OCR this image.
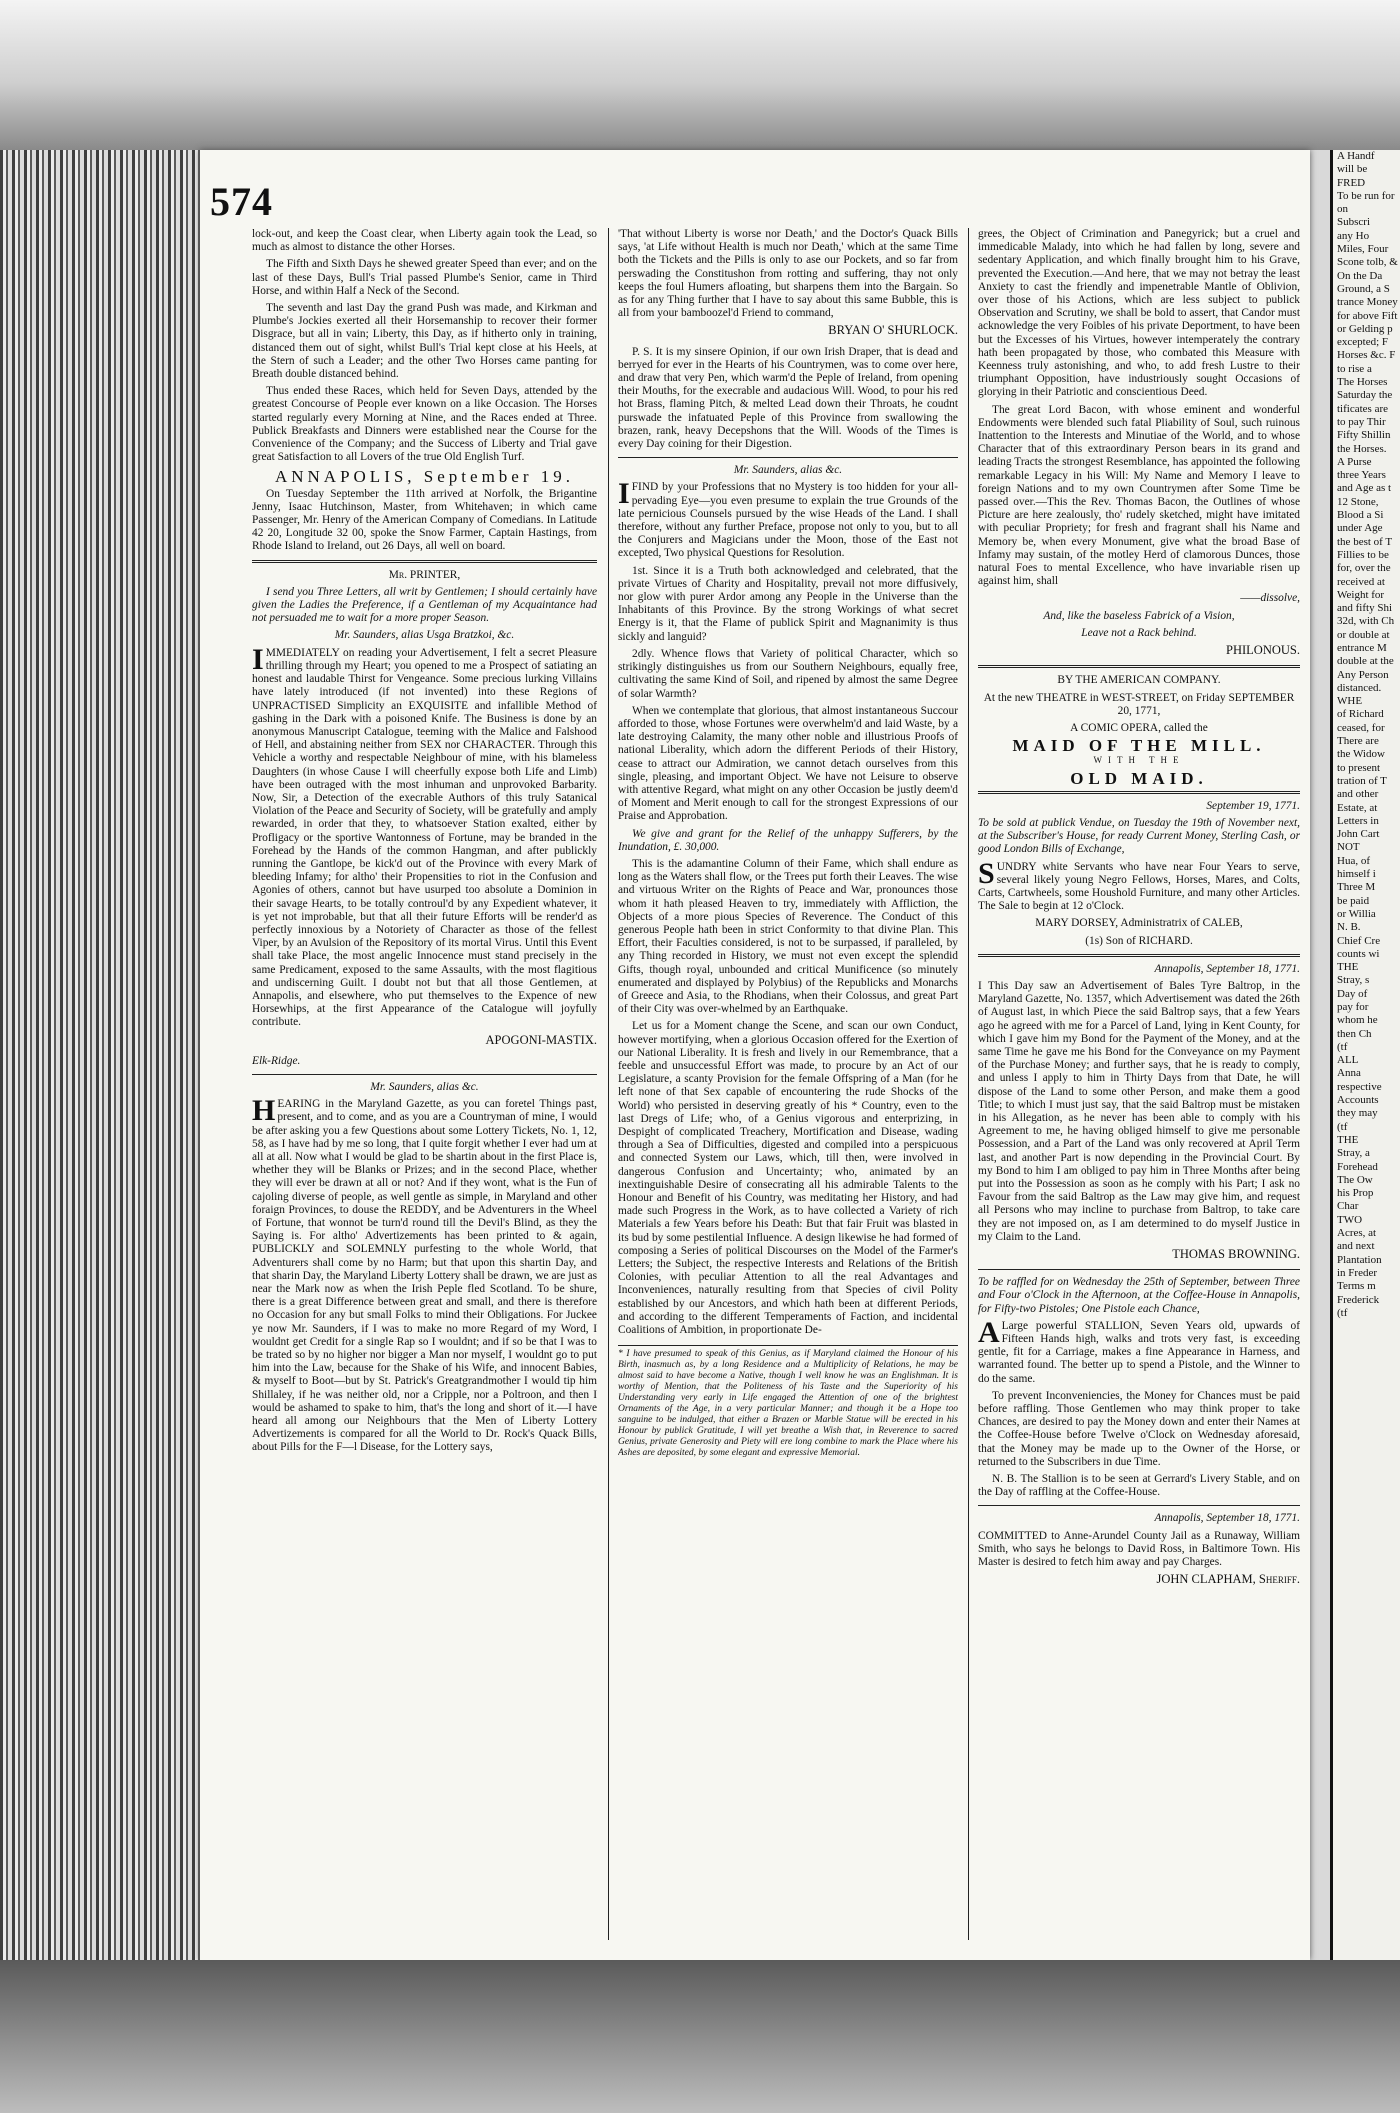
574

lock-out, and keep the Coast clear, when Liberty again took the Lead, so much as almost to distance the other Horses.

The Fifth and Sixth Days he shewed greater Speed than ever; and on the last of these Days, Bull's Trial passed Plumbe's Senior, came in Third Horse, and within Half a Neck of the Second.

The seventh and last Day the grand Push was made, and Kirkman and Plumbe's Jockies exerted all their Horsemanship to recover their former Disgrace, but all in vain; Liberty, this Day, as if hitherto only in training, distanced them out of sight, whilst Bull's Trial kept close at his Heels, at the Stern of such a Leader; and the other Two Horses came panting for Breath double distanced behind.

Thus ended these Races, which held for Seven Days, attended by the greatest Concourse of People ever known on a like Occasion. The Horses started regularly every Morning at Nine, and the Races ended at Three. Publick Breakfasts and Dinners were established near the Course for the Convenience of the Company; and the Success of Liberty and Trial gave great Satisfaction to all Lovers of the true Old English Turf.

ANNAPOLIS, September 19.

On Tuesday September the 11th arrived at Norfolk, the Brigantine Jenny, Isaac Hutchinson, Master, from Whitehaven; in which came Passenger, Mr. Henry of the American Company of Comedians. In Latitude 42 20, Longitude 32 00, spoke the Snow Farmer, Captain Hastings, from Rhode Island to Ireland, out 26 Days, all well on board.

Mr. PRINTER,

I send you Three Letters, all writ by Gentlemen; I should certainly have given the Ladies the Preference, if a Gentleman of my Acquaintance had not persuaded me to wait for a more proper Season.

Mr. Saunders, alias Usga Bratzkoi, &c.

IMMEDIATELY on reading your Advertisement, I felt a secret Pleasure thrilling through my Heart; you opened to me a Prospect of satiating an honest and laudable Thirst for Vengeance. Some precious lurking Villains have lately introduced (if not invented) into these Regions of UNPRACTISED Simplicity an EXQUISITE and infallible Method of gashing in the Dark with a poisoned Knife. The Business is done by an anonymous Manuscript Catalogue, teeming with the Malice and Falshood of Hell, and abstaining neither from SEX nor CHARACTER. Through this Vehicle a worthy and respectable Neighbour of mine, with his blameless Daughters (in whose Cause I will cheerfully expose both Life and Limb) have been outraged with the most inhuman and unprovoked Barbarity. Now, Sir, a Detection of the execrable Authors of this truly Satanical Violation of the Peace and Security of Society, will be gratefully and amply rewarded, in order that they, to whatsoever Station exalted, either by Profligacy or the sportive Wantonness of Fortune, may be branded in the Forehead by the Hands of the common Hangman, and after publickly running the Gantlope, be kick'd out of the Province with every Mark of bleeding Infamy; for altho' their Propensities to riot in the Confusion and Agonies of others, cannot but have usurped too absolute a Dominion in their savage Hearts, to be totally controul'd by any Expedient whatever, it is yet not improbable, but that all their future Efforts will be render'd as perfectly innoxious by a Notoriety of Character as those of the fellest Viper, by an Avulsion of the Repository of its mortal Virus. Until this Event shall take Place, the most angelic Innocence must stand precisely in the same Predicament, exposed to the same Assaults, with the most flagitious and undiscerning Guilt. I doubt not but that all those Gentlemen, at Annapolis, and elsewhere, who put themselves to the Expence of new Horsewhips, at the first Appearance of the Catalogue will joyfully contribute.

APOGONI-MASTIX.

Elk-Ridge.

Mr. Saunders, alias &c.

HEARING in the Maryland Gazette, as you can foretel Things past, present, and to come, and as you are a Countryman of mine, I would be after asking you a few Questions about some Lottery Tickets, No. 1, 12, 58, as I have had by me so long, that I quite forgit whether I ever had um at all at all. Now what I would be glad to be shartin about in the first Place is, whether they will be Blanks or Prizes; and in the second Place, whether they will ever be drawn at all or not? And if they wont, what is the Fun of cajoling diverse of people, as well gentle as simple, in Maryland and other foraign Provinces, to douse the REDDY, and be Adventurers in the Wheel of Fortune, that wonnot be turn'd round till the Devil's Blind, as they the Saying is. For altho' Advertizements has been printed to & again, PUBLICKLY and SOLEMNLY purfesting to the whole World, that Adventurers shall come by no Harm; but that upon this shartin Day, and that sharin Day, the Maryland Liberty Lottery shall be drawn, we are just as near the Mark now as when the Irish Peple fled Scotland. To be shure, there is a great Difference between great and small, and there is therefore no Occasion for any but small Folks to mind their Obligations. For Juckee ye now Mr. Saunders, if I was to make no more Regard of my Word, I wouldnt get Credit for a single Rap so I wouldnt; and if so be that I was to be trated so by no higher nor bigger a Man nor myself, I wouldnt go to put him into the Law, because for the Shake of his Wife, and innocent Babies, & myself to Boot—but by St. Patrick's Greatgrandmother I would tip him Shillaley, if he was neither old, nor a Cripple, nor a Poltroon, and then I would be ashamed to spake to him, that's the long and short of it.—I have heard all among our Neighbours that the Men of Liberty Lottery Advertizements is compared for all the World to Dr. Rock's Quack Bills, about Pills for the F—l Disease, for the Lottery says,

'That without Liberty is worse nor Death,' and the Doctor's Quack Bills says, 'at Life without Health is much nor Death,' which at the same Time both the Tickets and the Pills is only to ase our Pockets, and so far from perswading the Constitushon from rotting and suffering, thay not only keeps the foul Humers afloating, but sharpens them into the Bargain. So as for any Thing further that I have to say about this same Bubble, this is all from your bamboozel'd Friend to command,

BRYAN O' SHURLOCK.

P. S. It is my sinsere Opinion, if our own Irish Draper, that is dead and berryed for ever in the Hearts of his Countrymen, was to come over here, and draw that very Pen, which warm'd the Peple of Ireland, from opening their Mouths, for the execrable and audacious Will. Wood, to pour his red hot Brass, flaming Pitch, & melted Lead down their Throats, he coudnt purswade the infatuated Peple of this Province from swallowing the brazen, rank, heavy Decepshons that the Will. Woods of the Times is every Day coining for their Digestion.

Mr. Saunders, alias &c.

IFIND by your Professions that no Mystery is too hidden for your all-pervading Eye—you even presume to explain the true Grounds of the late pernicious Counsels pursued by the wise Heads of the Land. I shall therefore, without any further Preface, propose not only to you, but to all the Conjurers and Magicians under the Moon, those of the East not excepted, Two physical Questions for Resolution.

1st. Since it is a Truth both acknowledged and celebrated, that the private Virtues of Charity and Hospitality, prevail not more diffusively, nor glow with purer Ardor among any People in the Universe than the Inhabitants of this Province. By the strong Workings of what secret Energy is it, that the Flame of publick Spirit and Magnanimity is thus sickly and languid?

2dly. Whence flows that Variety of political Character, which so strikingly distinguishes us from our Southern Neighbours, equally free, cultivating the same Kind of Soil, and ripened by almost the same Degree of solar Warmth?

When we contemplate that glorious, that almost instantaneous Succour afforded to those, whose Fortunes were overwhelm'd and laid Waste, by a late destroying Calamity, the many other noble and illustrious Proofs of national Liberality, which adorn the different Periods of their History, cease to attract our Admiration, we cannot detach ourselves from this single, pleasing, and important Object. We have not Leisure to observe with attentive Regard, what might on any other Occasion be justly deem'd of Moment and Merit enough to call for the strongest Expressions of our Praise and Approbation.

We give and grant for the Relief of the unhappy Sufferers, by the Inundation, £. 30,000.

This is the adamantine Column of their Fame, which shall endure as long as the Waters shall flow, or the Trees put forth their Leaves. The wise and virtuous Writer on the Rights of Peace and War, pronounces those whom it hath pleased Heaven to try, immediately with Affliction, the Objects of a more pious Species of Reverence. The Conduct of this generous People hath been in strict Conformity to that divine Plan. This Effort, their Faculties considered, is not to be surpassed, if paralleled, by any Thing recorded in History, we must not even except the splendid Gifts, though royal, unbounded and critical Munificence (so minutely enumerated and displayed by Polybius) of the Republicks and Monarchs of Greece and Asia, to the Rhodians, when their Colossus, and great Part of their City was over-whelmed by an Earthquake.

Let us for a Moment change the Scene, and scan our own Conduct, however mortifying, when a glorious Occasion offered for the Exertion of our National Liberality. It is fresh and lively in our Remembrance, that a feeble and unsuccessful Effort was made, to procure by an Act of our Legislature, a scanty Provision for the female Offspring of a Man (for he left none of that Sex capable of encountering the rude Shocks of the World) who persisted in deserving greatly of his * Country, even to the last Dregs of Life; who, of a Genius vigorous and enterprizing, in Despight of complicated Treachery, Mortification and Disease, wading through a Sea of Difficulties, digested and compiled into a perspicuous and connected System our Laws, which, till then, were involved in dangerous Confusion and Uncertainty; who, animated by an inextinguishable Desire of consecrating all his admirable Talents to the Honour and Benefit of his Country, was meditating her History, and had made such Progress in the Work, as to have collected a Variety of rich Materials a few Years before his Death: But that fair Fruit was blasted in its bud by some pestilential Influence. A design likewise he had formed of composing a Series of political Discourses on the Model of the Farmer's Letters; the Subject, the respective Interests and Relations of the British Colonies, with peculiar Attention to all the real Advantages and Inconveniences, naturally resulting from that Species of civil Polity established by our Ancestors, and which hath been at different Periods, and according to the different Temperaments of Faction, and incidental Coalitions of Ambition, in proportionate De-

* I have presumed to speak of this Genius, as if Maryland claimed the Honour of his Birth, inasmuch as, by a long Residence and a Multiplicity of Relations, he may be almost said to have become a Native, though I well know he was an Englishman. It is worthy of Mention, that the Politeness of his Taste and the Superiority of his Understanding very early in Life engaged the Attention of one of the brightest Ornaments of the Age, in a very particular Manner; and though it be a Hope too sanguine to be indulged, that either a Brazen or Marble Statue will be erected in his Honour by publick Gratitude, I will yet breathe a Wish that, in Reverence to sacred Genius, private Generosity and Piety will ere long combine to mark the Place where his Ashes are deposited, by some elegant and expressive Memorial.

grees, the Object of Crimination and Panegyrick; but a cruel and immedicable Malady, into which he had fallen by long, severe and sedentary Application, and which finally brought him to his Grave, prevented the Execution.—And here, that we may not betray the least Anxiety to cast the friendly and impenetrable Mantle of Oblivion, over those of his Actions, which are less subject to publick Observation and Scrutiny, we shall be bold to assert, that Candor must acknowledge the very Foibles of his private Deportment, to have been but the Excesses of his Virtues, however intemperately the contrary hath been propagated by those, who combated this Measure with Keenness truly astonishing, and who, to add fresh Lustre to their triumphant Opposition, have industriously sought Occasions of glorying in their Patriotic and conscientious Deed.

The great Lord Bacon, with whose eminent and wonderful Endowments were blended such fatal Pliability of Soul, such ruinous Inattention to the Interests and Minutiae of the World, and to whose Character that of this extraordinary Person bears in its grand and leading Tracts the strongest Resemblance, has appointed the following remarkable Legacy in his Will: My Name and Memory I leave to foreign Nations and to my own Countrymen after Some Time be passed over.—This the Rev. Thomas Bacon, the Outlines of whose Picture are here zealously, tho' rudely sketched, might have imitated with peculiar Propriety; for fresh and fragrant shall his Name and Memory be, when every Monument, give what the broad Base of Infamy may sustain, of the motley Herd of clamorous Dunces, those natural Foes to mental Excellence, who have invariable risen up against him, shall

——dissolve,

And, like the baseless Fabrick of a Vision,

Leave not a Rack behind.

PHILONOUS.

BY THE AMERICAN COMPANY.

At the new THEATRE in WEST-STREET, on Friday SEPTEMBER 20, 1771,

A COMIC OPERA, called the

MAID OF THE MILL.

WITH THE

OLD MAID.

September 19, 1771.

To be sold at publick Vendue, on Tuesday the 19th of November next, at the Subscriber's House, for ready Current Money, Sterling Cash, or good London Bills of Exchange,

SUNDRY white Servants who have near Four Years to serve, several likely young Negro Fellows, Horses, Mares, and Colts, Carts, Cartwheels, some Houshold Furniture, and many other Articles. The Sale to begin at 12 o'Clock.

MARY DORSEY, Administratrix of CALEB,

(1s) Son of RICHARD.

Annapolis, September 18, 1771.

I This Day saw an Advertisement of Bales Tyre Baltrop, in the Maryland Gazette, No. 1357, which Advertisement was dated the 26th of August last, in which Piece the said Baltrop says, that a few Years ago he agreed with me for a Parcel of Land, lying in Kent County, for which I gave him my Bond for the Payment of the Money, and at the same Time he gave me his Bond for the Conveyance on my Payment of the Purchase Money; and further says, that he is ready to comply, and unless I apply to him in Thirty Days from that Date, he will dispose of the Land to some other Person, and make them a good Title; to which I must just say, that the said Baltrop must be mistaken in his Allegation, as he never has been able to comply with his Agreement to me, he having obliged himself to give me personable Possession, and a Part of the Land was only recovered at April Term last, and another Part is now depending in the Provincial Court. By my Bond to him I am obliged to pay him in Three Months after being put into the Possession as soon as he comply with his Part; I ask no Favour from the said Baltrop as the Law may give him, and request all Persons who may incline to purchase from Baltrop, to take care they are not imposed on, as I am determined to do myself Justice in my Claim to the Land.

THOMAS BROWNING.

To be raffled for on Wednesday the 25th of September, between Three and Four o'Clock in the Afternoon, at the Coffee-House in Annapolis, for Fifty-two Pistoles; One Pistole each Chance,

ALarge powerful STALLION, Seven Years old, upwards of Fifteen Hands high, walks and trots very fast, is exceeding gentle, fit for a Carriage, makes a fine Appearance in Harness, and warranted found. The better up to spend a Pistole, and the Winner to do the same.

To prevent Inconveniencies, the Money for Chances must be paid before raffling. Those Gentlemen who may think proper to take Chances, are desired to pay the Money down and enter their Names at the Coffee-House before Twelve o'Clock on Wednesday aforesaid, that the Money may be made up to the Owner of the Horse, or returned to the Subscribers in due Time.

N. B. The Stallion is to be seen at Gerrard's Livery Stable, and on the Day of raffling at the Coffee-House.

Annapolis, September 18, 1771.

COMMITTED to Anne-Arundel County Jail as a Runaway, William Smith, who says he belongs to David Ross, in Baltimore Town. His Master is desired to fetch him away and pay Charges.

JOHN CLAPHAM, Sheriff.
A Handf
will be
FRED
To be run for
on
Subscri
any Ho
Miles, Four
Scone tolb, &
On the Da
Ground, a S
trance Money
for above Fift
or Gelding p
excepted; F
Horses &c. F
to rise a
The Horses
Saturday the
tificates are
to pay Thir
Fifty Shillin
the Horses.
A Purse
three Years
and Age as t
12 Stone,
Blood a Si
under Age
the best of T
Fillies to be
for, over the
received at
Weight for
and fifty Shi
32d, with Ch
or double at
entrance M
double at the
Any Person
distanced.
WHE
of Richard
ceased, for
There are
the Widow
to present
tration of T
and other
Estate, at
Letters in
John Cart
NOT
Hua, of
himself i
Three M
be paid
or Willia
N. B.
Chief Cre
counts wi
THE
Stray, s
Day of
pay for
whom he
then Ch
(tf
ALL
Anna
respective
Accounts
they may
(tf
THE
Stray, a
Forehead
The Ow
his Prop
Char
TWO
Acres, at
and next
Plantation
in Freder
Terms m
Frederick
(tf
